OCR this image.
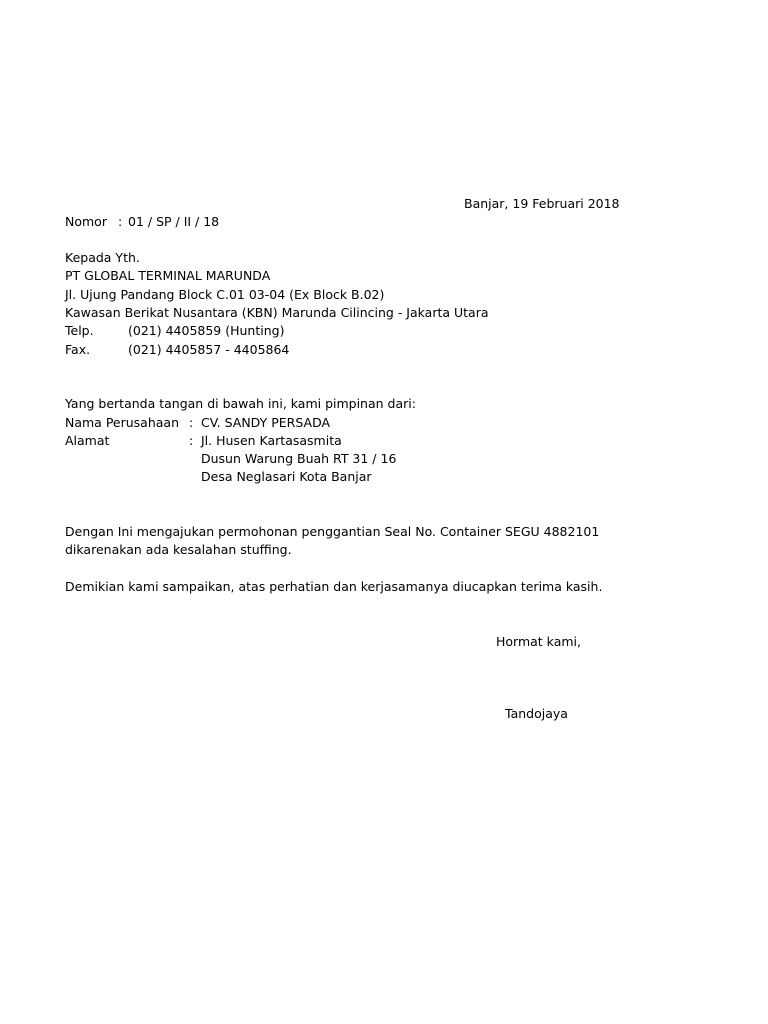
Banjar, 19 Februari 2018
Nomor : 01 / SP / II / 18
Kepada Yth.
PT GLOBAL TERMINAL MARUNDA
Jl. Ujung Pandang Block C.01 03-04 (Ex Block B.02)
Kawasan Berikat Nusantara (KBN) Marunda Cilincing - Jakarta Utara
Telp.	(021) 4405859 (Hunting)
Fax.	(021) 4405857 - 4405864
Yang bertanda tangan di bawah ini, kami pimpinan dari:
Nama Perusahaan : CV. SANDY PERSADA
Alamat	: Jl. Husen Kartasasmita
Dusun Warung Buah RT 31 / 16
Desa Neglasari Kota Banjar
Dengan Ini mengajukan permohonan penggantian Seal No. Container SEGU 4882101
dikarenakan ada kesalahan stuffing.
Demikian kami sampaikan, atas perhatian dan kerjasamanya diucapkan terima kasih.
Hormat kami,
Tandojaya
